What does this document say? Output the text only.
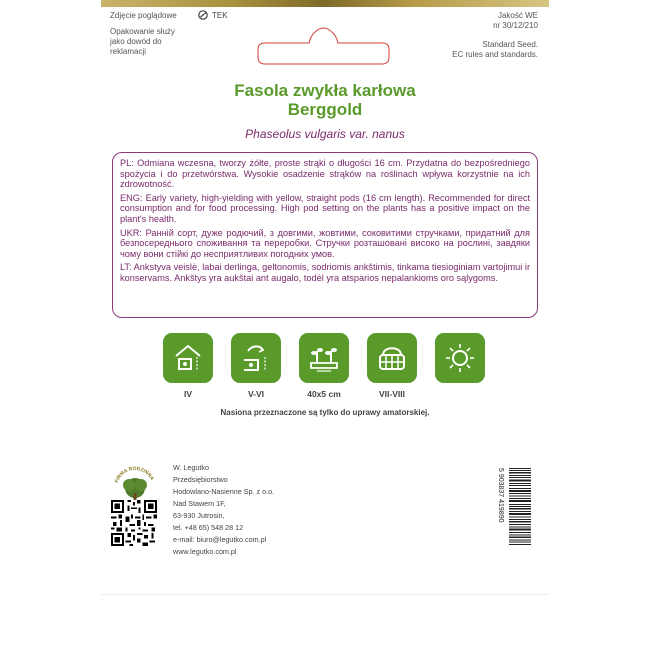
Zdjęcie poglądowe
Opakowanie służy jako dowód do reklamacji
TEK	Jakość WE
nr 30/12/210
Standard Seed.
EC rules and standards.
Fasola zwykła karłowa
Berggold
Phaseolus vulgaris var. nanus

PL: Odmiana wczesna, tworzy żółte, proste strąki o długości 16 cm. Przydatna do bezpośredniego spożycia i do przetwórstwa. Wysokie osadzenie strąków na roślinach wpływa korzystnie na ich zdrowotność.

ENG: Early variety, high-yielding with yellow, straight pods (16 cm length). Recommended for direct consumption and for food processing. High pod setting on the plants has a positive impact on the plant's health.

UKR: Ранній сорт, дуже родючий, з довгими, жовтими, соковитими стручками, придатний для безпосереднього споживання та переробки. Стручки розташовані високо на рослині, завдяки чому вони стійкі до несприятливих погодних умов.

LT: Ankstyva veislė, labai derlinga, geltonomis, sodriomis ankštimis, tinkama tiesioginiam vartojimui ir konservams. Ankštys yra aukštai ant augalo, todėl yra atsparios nepalankioms oro sąlygoms.

IV	V-VI	40x5 cm	VII-VIII
Nasiona przeznaczone są tylko do uprawy amatorskiej.
FIRMA RODZINNA
W. Legutko
Przedsiębiorstwo
Hodowlano-Nasienne Sp. z o.o.
Nad Stawem 1F,
63-930 Jutrosin,
tel. +48 65) 548 28 12
e-mail: biuro@legutko.com.pl
www.legutko.com.pl
5 903837 419890
